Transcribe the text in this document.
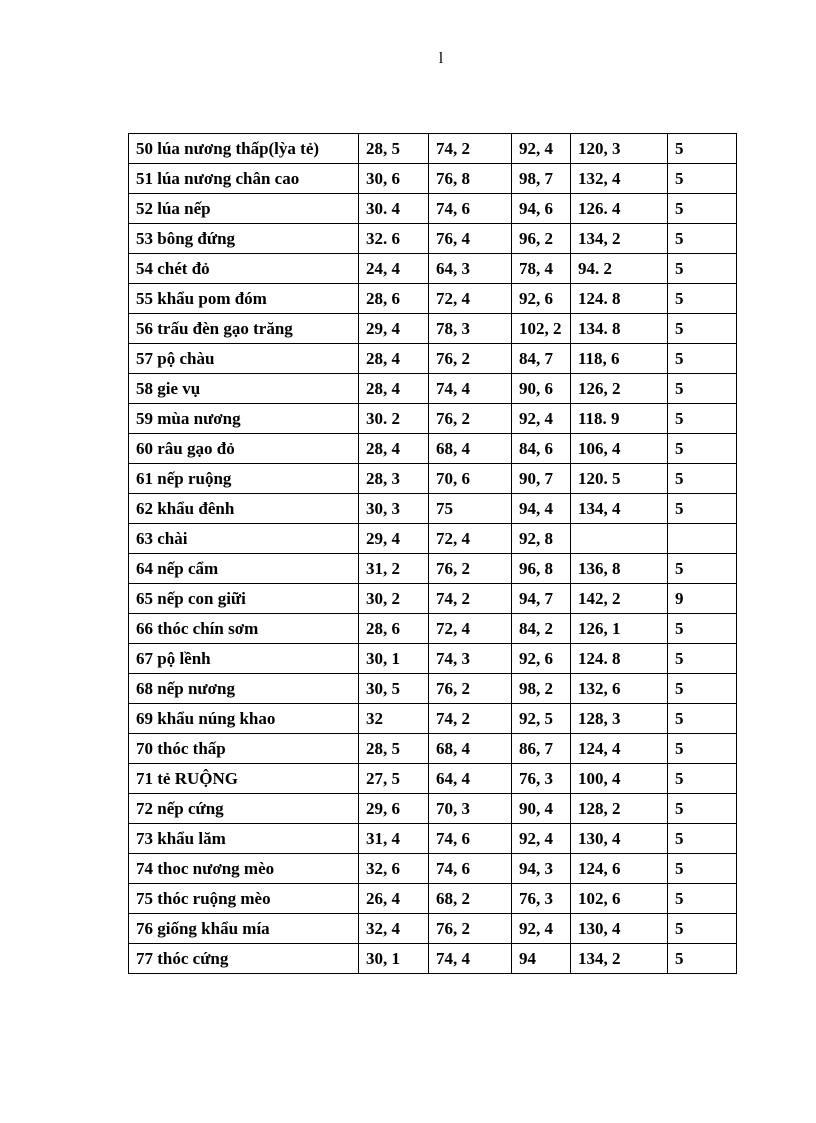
l
50 lúa nương thấp(lỳa tẻ)	28, 5	74, 2	92, 4	120, 3	5
51 lúa nương chân cao	30, 6	76, 8	98, 7	132, 4	5
52 lúa nếp	30. 4	74, 6	94, 6	126. 4	5
53 bông đứng	32. 6	76, 4	96, 2	134, 2	5
54 chét đỏ	24, 4	64, 3	78, 4	94. 2	5
55 khẩu pom đóm	28, 6	72, 4	92, 6	124. 8	5
56 trấu đèn gạo trăng	29, 4	78, 3	102, 2	134. 8	5
57 pộ chàu	28, 4	76, 2	84, 7	118, 6	5
58 gie vụ	28, 4	74, 4	90, 6	126, 2	5
59 mùa nương	30. 2	76, 2	92, 4	118. 9	5
60 râu gạo đỏ	28, 4	68, 4	84, 6	106, 4	5
61 nếp ruộng	28, 3	70, 6	90, 7	120. 5	5
62 khẩu đênh	30, 3	75	94, 4	134, 4	5
63 chài	29, 4	72, 4	92, 8		
64 nếp cẩm	31, 2	76, 2	96, 8	136, 8	5
65 nếp con giữi	30, 2	74, 2	94, 7	142, 2	9
66 thóc chín sơm	28, 6	72, 4	84, 2	126, 1	5
67 pộ lềnh	30, 1	74, 3	92, 6	124. 8	5
68 nếp nương	30, 5	76, 2	98, 2	132, 6	5
69 khẩu núng khao	32	74, 2	92, 5	128, 3	5
70 thóc thấp	28, 5	68, 4	86, 7	124, 4	5
71 tẻ RUỘNG	27, 5	64, 4	76, 3	100, 4	5
72 nếp cứng	29, 6	70, 3	90, 4	128, 2	5
73 khẩu lăm	31, 4	74, 6	92, 4	130, 4	5
74 thoc nương mèo	32, 6	74, 6	94, 3	124, 6	5
75 thóc ruộng mèo	26, 4	68, 2	76, 3	102, 6	5
76 giống khẩu mía	32, 4	76, 2	92, 4	130, 4	5
77 thóc cứng	30, 1	74, 4	94	134, 2	5
